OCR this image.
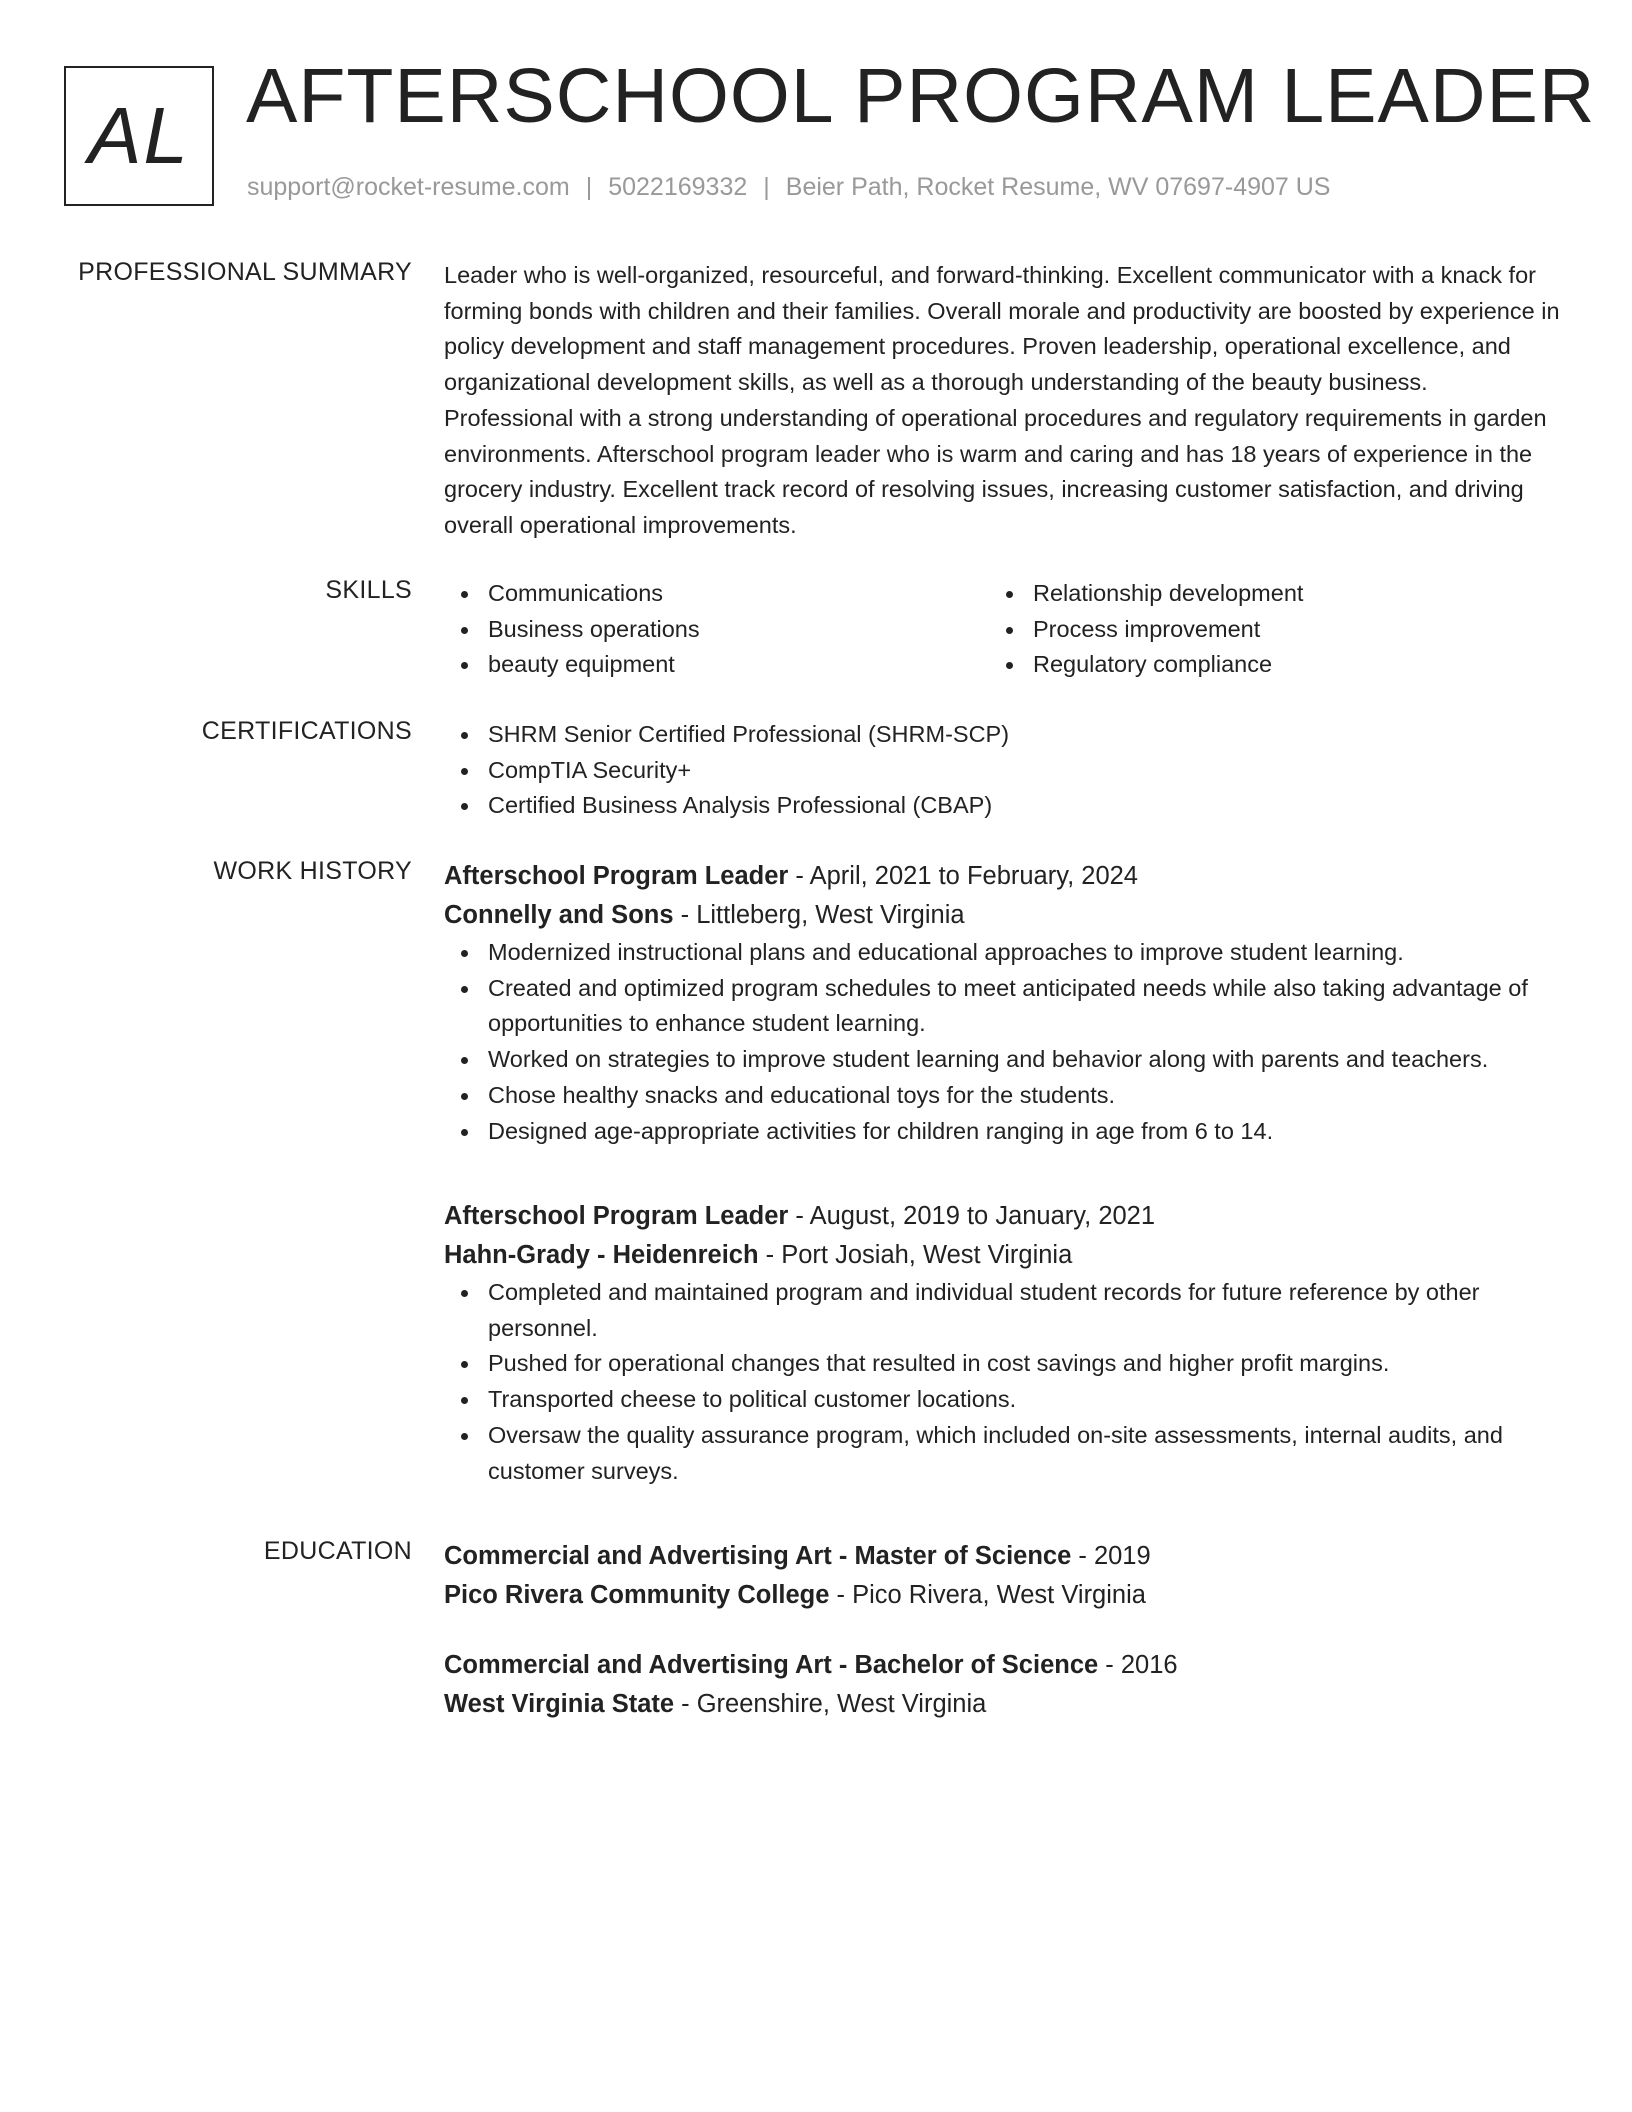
AL AFTERSCHOOL PROGRAM LEADER
support@rocket-resume.com | 5022169332 | Beier Path, Rocket Resume, WV 07697-4907 US
PROFESSIONAL SUMMARY Leader who is well-organized, resourceful, and forward-thinking. Excellent communicator with a knack for forming bonds with children and their families. Overall morale and productivity are boosted by experience in policy development and staff management procedures. Proven leadership, operational excellence, and organizational development skills, as well as a thorough understanding of the beauty business. Professional with a strong understanding of operational procedures and regulatory requirements in garden environments. Afterschool program leader who is warm and caring and has 18 years of experience in the grocery industry. Excellent track record of resolving issues, increasing customer satisfaction, and driving overall operational improvements.

SKILLS	Communications
Business operations
beauty equipment
Relationship development
Process improvement
Regulatory compliance
CERTIFICATIONS	SHRM Senior Certified Professional (SHRM-SCP)
CompTIA Security+
Certified Business Analysis Professional (CBAP)
WORK HISTORY Afterschool Program Leader - April, 2021 to February, 2024
Connelly and Sons - Littleberg, West Virginia
Modernized instructional plans and educational approaches to improve student learning.
Created and optimized program schedules to meet anticipated needs while also taking advantage of opportunities to enhance student learning.
Worked on strategies to improve student learning and behavior along with parents and teachers.
Chose healthy snacks and educational toys for the students.
Designed age-appropriate activities for children ranging in age from 6 to 14.
Afterschool Program Leader - August, 2019 to January, 2021
Hahn-Grady - Heidenreich - Port Josiah, West Virginia
Completed and maintained program and individual student records for future reference by other personnel.
Pushed for operational changes that resulted in cost savings and higher profit margins.
Transported cheese to political customer locations.
Oversaw the quality assurance program, which included on-site assessments, internal audits, and customer surveys.
EDUCATION Commercial and Advertising Art - Master of Science - 2019
Pico Rivera Community College - Pico Rivera, West Virginia
Commercial and Advertising Art - Bachelor of Science - 2016
West Virginia State - Greenshire, West Virginia
